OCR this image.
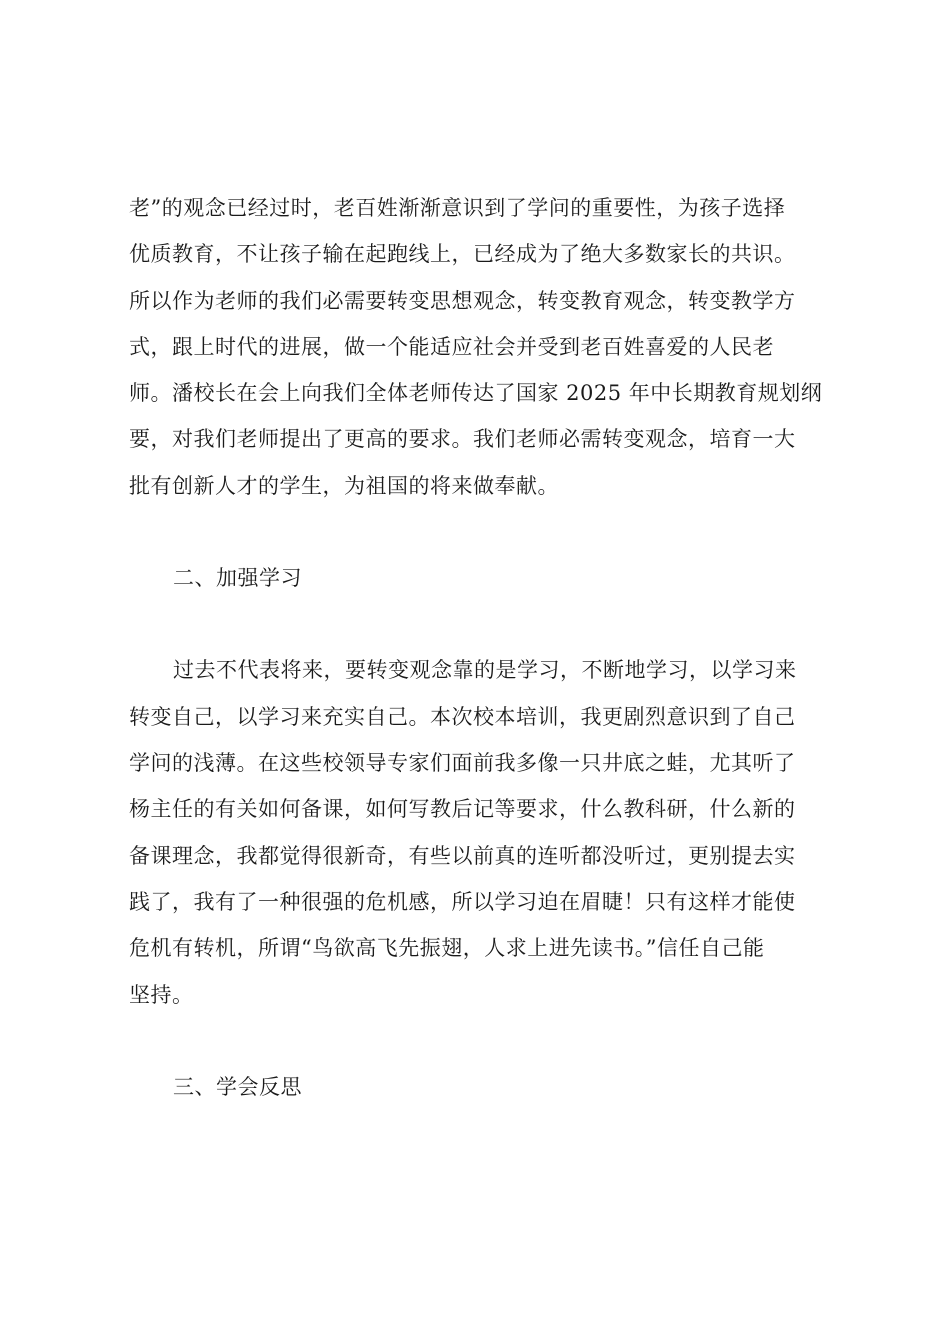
老”的观念已经过时，老百姓渐渐意识到了学问的重要性，为孩子选择
优质教育，不让孩子输在起跑线上，已经成为了绝大多数家长的共识。
所以作为老师的我们必需要转变思想观念，转变教育观念，转变教学方
式，跟上时代的进展，做一个能适应社会并受到老百姓喜爱的人民老
师。潘校长在会上向我们全体老师传达了国家 2025 年中长期教育规划纲
要，对我们老师提出了更高的要求。我们老师必需转变观念，培育一大
批有创新人才的学生，为祖国的将来做奉献。
二、加强学习
过去不代表将来，要转变观念靠的是学习，不断地学习，以学习来
转变自己，以学习来充实自己。本次校本培训，我更剧烈意识到了自己
学问的浅薄。在这些校领导专家们面前我多像一只井底之蛙，尤其听了
杨主任的有关如何备课，如何写教后记等要求，什么教科研，什么新的
备课理念，我都觉得很新奇，有些以前真的连听都没听过，更别提去实
践了，我有了一种很强的危机感，所以学习迫在眉睫！只有这样才能使
危机有转机，所谓“鸟欲高飞先振翅，人求上进先读书。”信任自己能
坚持。
三、学会反思
